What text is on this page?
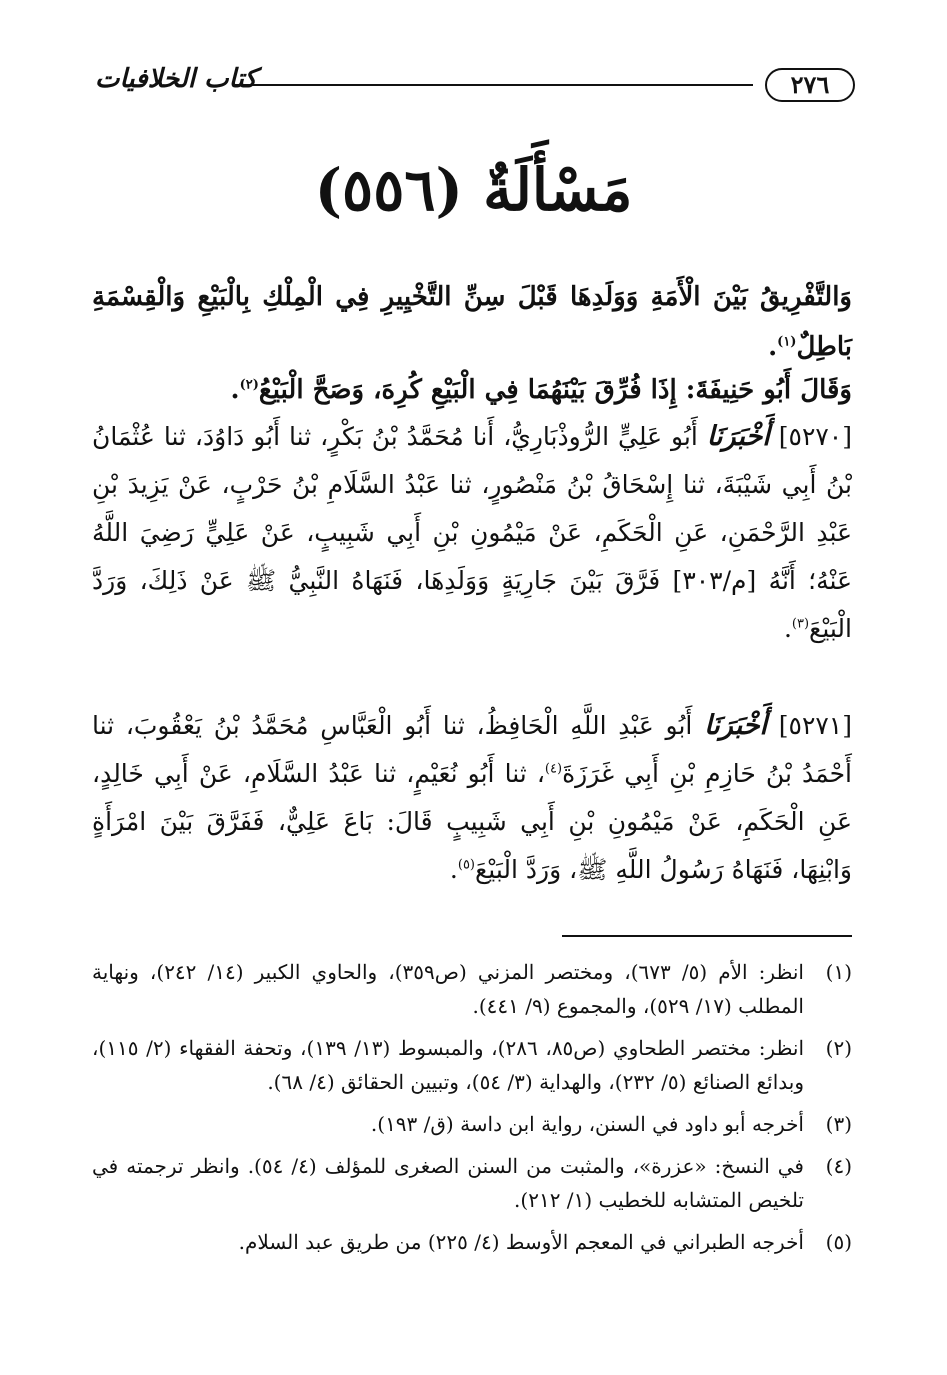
٢٧٦
كتاب الخلافيات
مَسْأَلَةٌ (٥٥٦)
وَالتَّفْرِيقُ بَيْنَ الْأَمَةِ وَوَلَدِهَا قَبْلَ سِنِّ التَّخْيِيرِ فِي الْمِلْكِ بِالْبَيْعِ وَالْقِسْمَةِ بَاطِلٌ$^{(١)}$.
وَقَالَ أَبُو حَنِيفَةَ: إِذَا فُرِّقَ بَيْنَهُمَا فِي الْبَيْعِ كُرِهَ، وَصَحَّ الْبَيْعُ$^{(٢)}$.
[٥٢٧٠] أَخْبَرَنَا أَبُو عَلِيٍّ الرُّوذْبَارِيُّ، أَنا مُحَمَّدُ بْنُ بَكْرٍ، ثنا أَبُو دَاوُدَ، ثنا عُثْمَانُ بْنُ أَبِي شَيْبَةَ، ثنا إِسْحَاقُ بْنُ مَنْصُورٍ، ثنا عَبْدُ السَّلَامِ بْنُ حَرْبٍ، عَنْ يَزِيدَ بْنِ عَبْدِ الرَّحْمَنِ، عَنِ الْحَكَمِ، عَنْ مَيْمُونِ بْنِ أَبِي شَبِيبٍ، عَنْ عَلِيٍّ رَضِيَ اللَّهُ عَنْهُ؛ أَنَّهُ [م/٣٠٣] فَرَّقَ بَيْنَ جَارِيَةٍ وَوَلَدِهَا، فَنَهَاهُ النَّبِيُّ ﷺ عَنْ ذَلِكَ، وَرَدَّ الْبَيْعَ$^{(٣)}$.
[٥٢٧١] أَخْبَرَنَا أَبُو عَبْدِ اللَّهِ الْحَافِظُ، ثنا أَبُو الْعَبَّاسِ مُحَمَّدُ بْنُ يَعْقُوبَ، ثنا أَحْمَدُ بْنُ حَازِمِ بْنِ أَبِي غَرَزَةَ$^{(٤)}$، ثنا أَبُو نُعَيْمٍ، ثنا عَبْدُ السَّلَامِ، عَنْ أَبِي خَالِدٍ، عَنِ الْحَكَمِ، عَنْ مَيْمُونِ بْنِ أَبِي شَبِيبٍ قَالَ: بَاعَ عَلِيٌّ، فَفَرَّقَ بَيْنَ امْرَأَةٍ وَابْنِهَا، فَنَهَاهُ رَسُولُ اللَّهِ ﷺ، وَرَدَّ الْبَيْعَ$^{(٥)}$.
(١)
انظر: الأم (٥/ ٦٧٣)، ومختصر المزني (ص٣٥٩)، والحاوي الكبير (١٤/ ٢٤٢)، ونهاية المطلب (١٧/ ٥٢٩)، والمجموع (٩/ ٤٤١).
(٢)
انظر: مختصر الطحاوي (ص٨٥، ٢٨٦)، والمبسوط (١٣/ ١٣٩)، وتحفة الفقهاء (٢/ ١١٥)، وبدائع الصنائع (٥/ ٢٣٢)، والهداية (٣/ ٥٤)، وتبيين الحقائق (٤/ ٦٨).
(٣)
أخرجه أبو داود في السنن، رواية ابن داسة (ق/ ١٩٣).
(٤)
في النسخ: «عزرة»، والمثبت من السنن الصغرى للمؤلف (٤/ ٥٤). وانظر ترجمته في تلخيص المتشابه للخطيب (١/ ٢١٢).
(٥)
أخرجه الطبراني في المعجم الأوسط (٤/ ٢٢٥) من طريق عبد السلام.
